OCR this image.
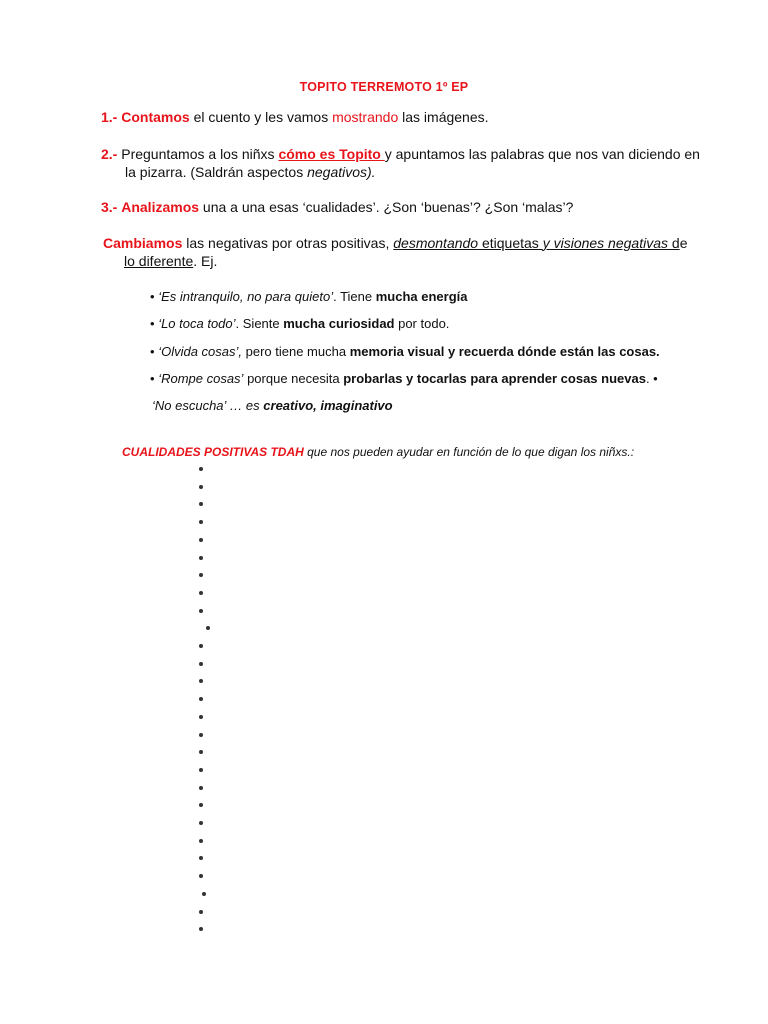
TOPITO TERREMOTO 1º EP
1.- Contamos el cuento y les vamos mostrando las imágenes.
2.- Preguntamos a los niñxs cómo es Topito y apuntamos las palabras que nos van diciendo en
la pizarra. (Saldrán aspectos negativos).
3.- Analizamos una a una esas ‘cualidades’. ¿Son ‘buenas’? ¿Son ‘malas’?
Cambiamos las negativas por otras positivas, desmontando etiquetas y visiones negativas de
lo diferente. Ej.
• ‘Es intranquilo, no para quieto’. Tiene mucha energía
• ‘Lo toca todo’. Siente mucha curiosidad por todo.
• ‘Olvida cosas’, pero tiene mucha memoria visual y recuerda dónde están las cosas.
• ‘Rompe cosas’ porque necesita probarlas y tocarlas para aprender cosas nuevas. •
‘No escucha’ … es creativo, imaginativo
CUALIDADES POSITIVAS TDAH que nos pueden ayudar en función de lo que digan los niñxs.:
